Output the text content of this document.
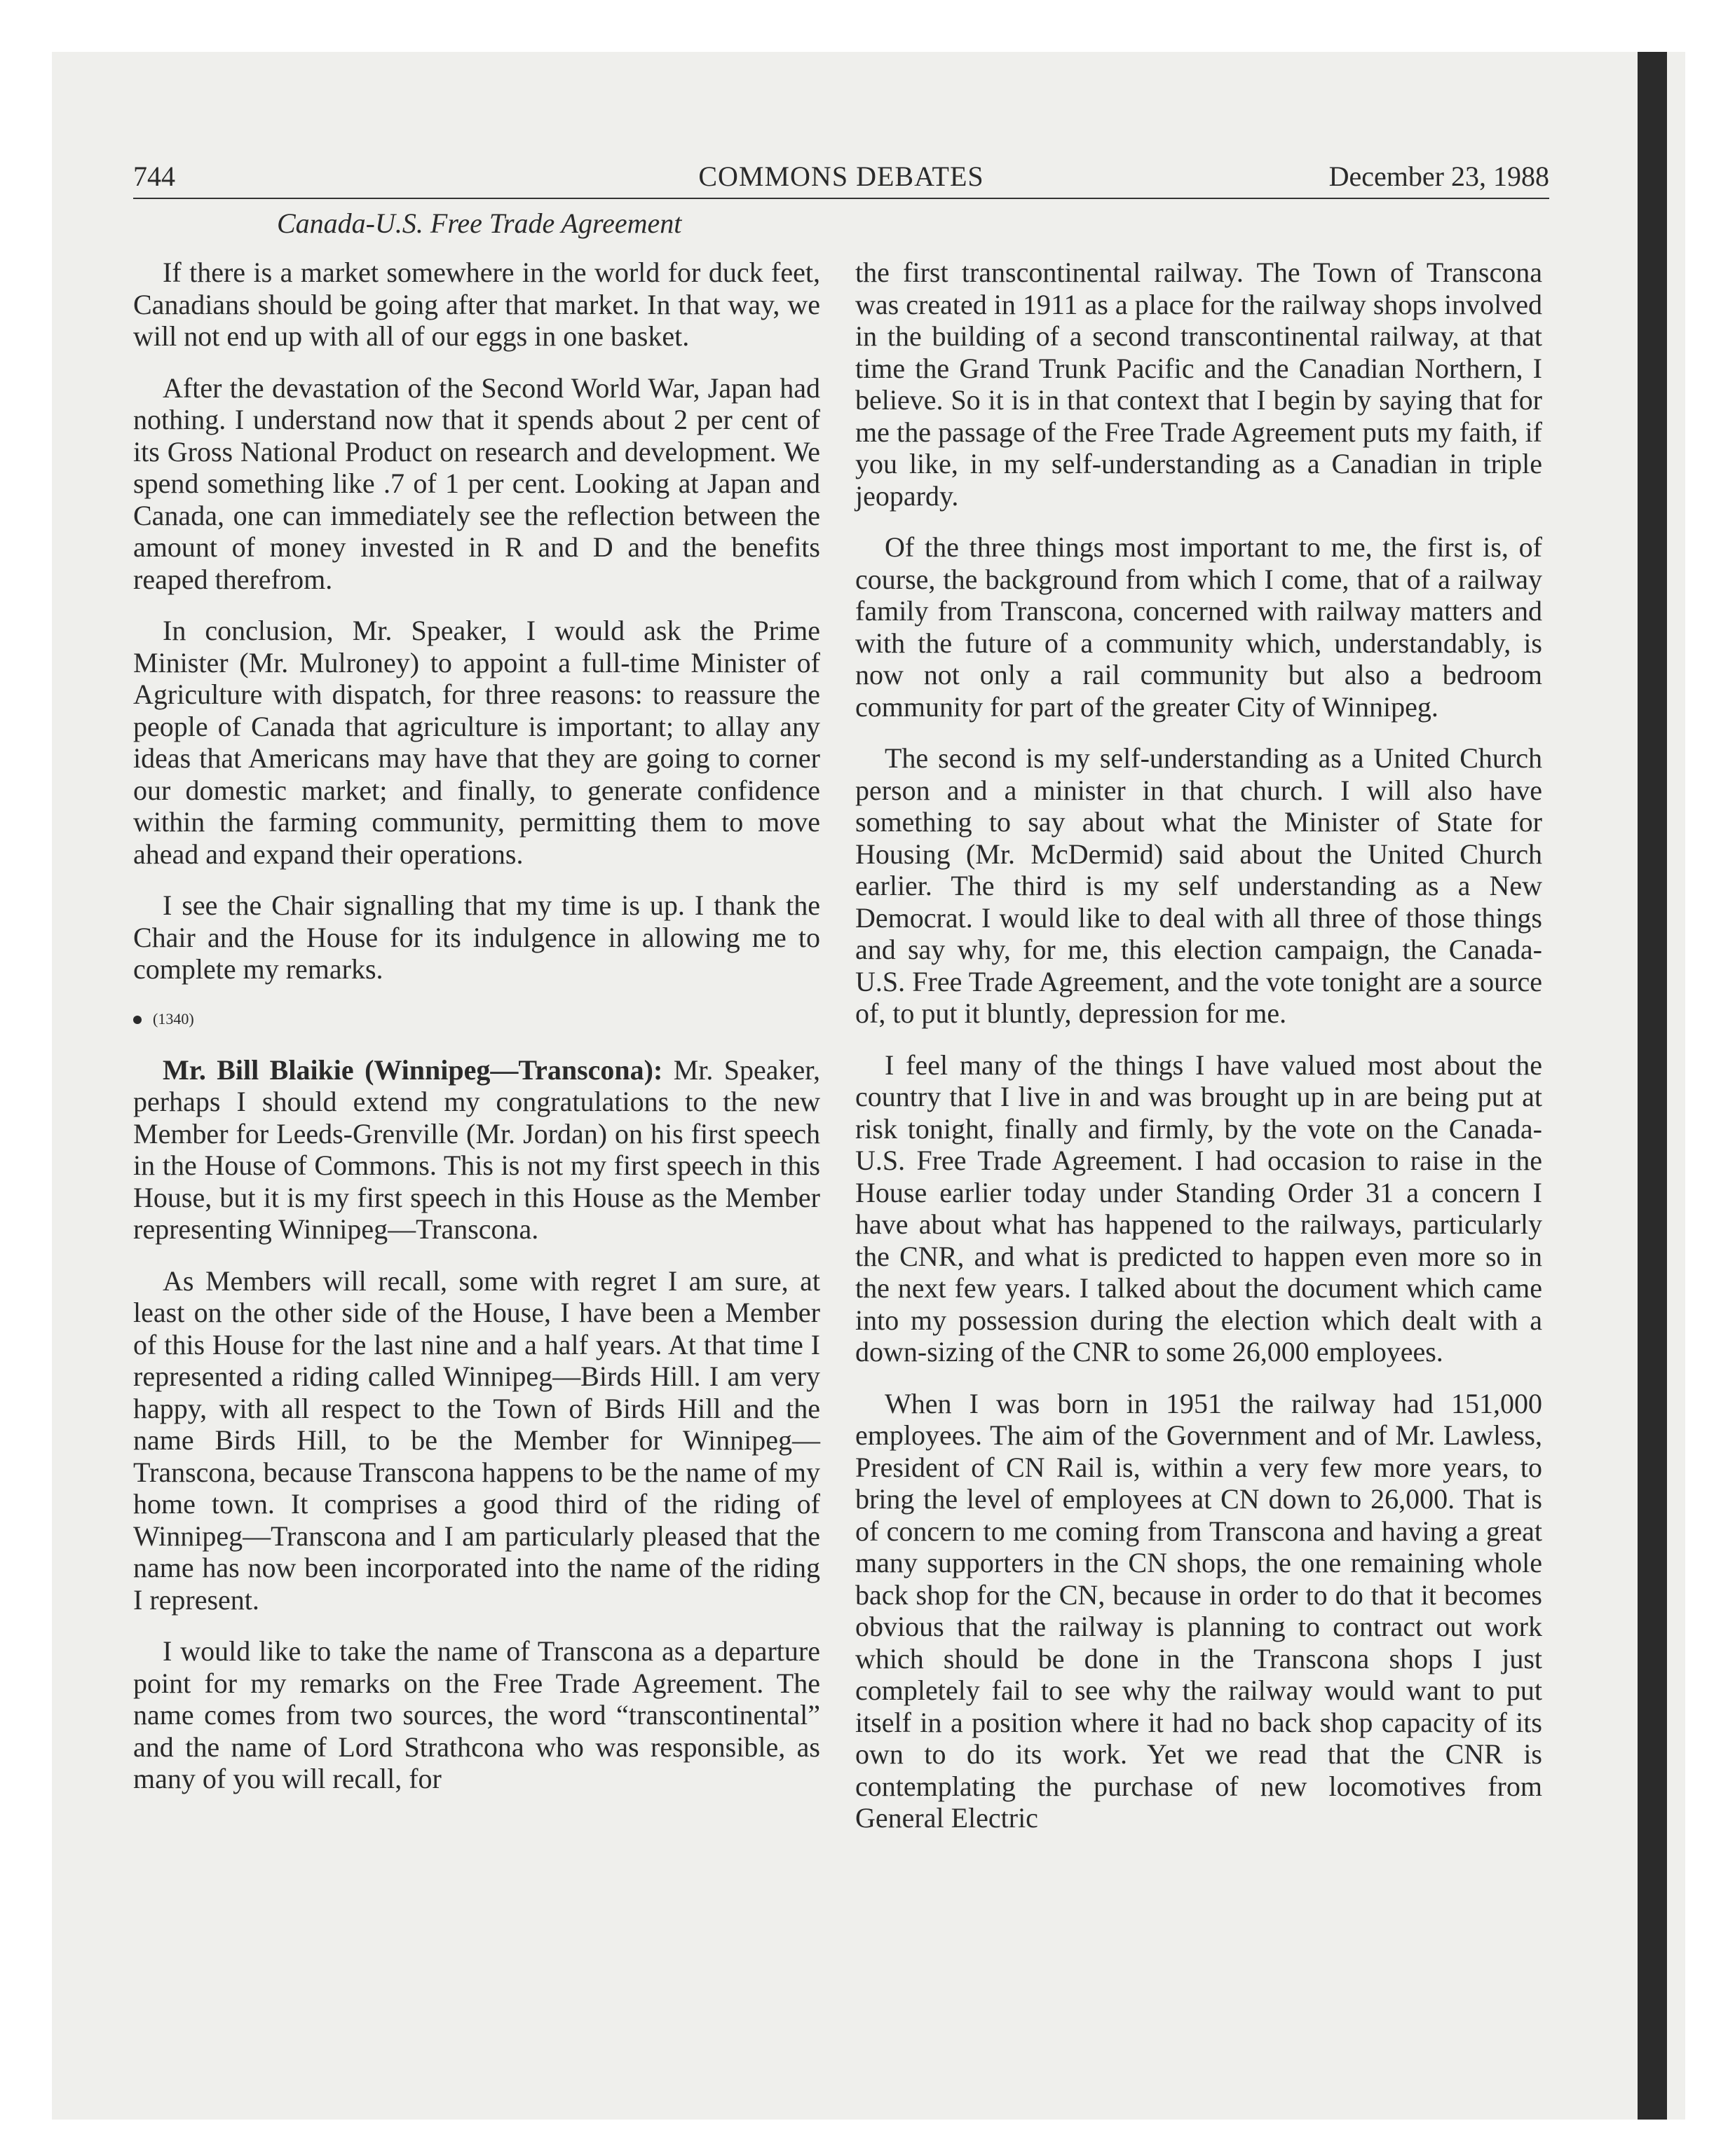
744	COMMONS DEBATES	December 23, 1988
Canada-U.S. Free Trade Agreement

If there is a market somewhere in the world for duck feet, Canadians should be going after that market. In that way, we will not end up with all of our eggs in one basket.

After the devastation of the Second World War, Japan had nothing. I understand now that it spends about 2 per cent of its Gross National Product on research and development. We spend something like .7 of 1 per cent. Looking at Japan and Canada, one can immediately see the reflection between the amount of money invested in R and D and the benefits reaped therefrom.

In conclusion, Mr. Speaker, I would ask the Prime Minister (Mr. Mulroney) to appoint a full-time Minister of Agriculture with dispatch, for three reasons: to reassure the people of Canada that agriculture is important; to allay any ideas that Americans may have that they are going to corner our domestic market; and finally, to generate confidence within the farming community, permitting them to move ahead and expand their operations.

I see the Chair signalling that my time is up. I thank the Chair and the House for its indulgence in allowing me to complete my remarks.

(1340)

Mr. Bill Blaikie (Winnipeg—Transcona): Mr. Speaker, perhaps I should extend my congratulations to the new Member for Leeds-Grenville (Mr. Jordan) on his first speech in the House of Commons. This is not my first speech in this House, but it is my first speech in this House as the Member representing Winnipeg—Transcona.

As Members will recall, some with regret I am sure, at least on the other side of the House, I have been a Member of this House for the last nine and a half years. At that time I represented a riding called Winnipeg—Birds Hill. I am very happy, with all respect to the Town of Birds Hill and the name Birds Hill, to be the Member for Winnipeg—Transcona, because Transcona happens to be the name of my home town. It comprises a good third of the riding of Winnipeg—Transcona and I am particularly pleased that the name has now been incorporated into the name of the riding I represent.

I would like to take the name of Transcona as a departure point for my remarks on the Free Trade Agreement. The name comes from two sources, the word “transcontinental” and the name of Lord Strathcona who was responsible, as many of you will recall, for

the first transcontinental railway. The Town of Transcona was created in 1911 as a place for the railway shops involved in the building of a second transcontinental railway, at that time the Grand Trunk Pacific and the Canadian Northern, I believe. So it is in that context that I begin by saying that for me the passage of the Free Trade Agreement puts my faith, if you like, in my self-understanding as a Canadian in triple jeopardy.

Of the three things most important to me, the first is, of course, the background from which I come, that of a railway family from Transcona, concerned with railway matters and with the future of a community which, understandably, is now not only a rail community but also a bedroom community for part of the greater City of Winnipeg.

The second is my self-understanding as a United Church person and a minister in that church. I will also have something to say about what the Minister of State for Housing (Mr. McDermid) said about the United Church earlier. The third is my self understanding as a New Democrat. I would like to deal with all three of those things and say why, for me, this election campaign, the Canada-U.S. Free Trade Agreement, and the vote tonight are a source of, to put it bluntly, depression for me.

I feel many of the things I have valued most about the country that I live in and was brought up in are being put at risk tonight, finally and firmly, by the vote on the Canada-U.S. Free Trade Agreement. I had occasion to raise in the House earlier today under Standing Order 31 a concern I have about what has happened to the railways, particularly the CNR, and what is predicted to happen even more so in the next few years. I talked about the document which came into my possession during the election which dealt with a down-sizing of the CNR to some 26,000 employees.

When I was born in 1951 the railway had 151,000 employees. The aim of the Government and of Mr. Lawless, President of CN Rail is, within a very few more years, to bring the level of employees at CN down to 26,000. That is of concern to me coming from Transcona and having a great many supporters in the CN shops, the one remaining whole back shop for the CN, because in order to do that it becomes obvious that the railway is planning to contract out work which should be done in the Transcona shops I just completely fail to see why the railway would want to put itself in a position where it had no back shop capacity of its own to do its work. Yet we read that the CNR is contemplating the purchase of new locomotives from General Electric
